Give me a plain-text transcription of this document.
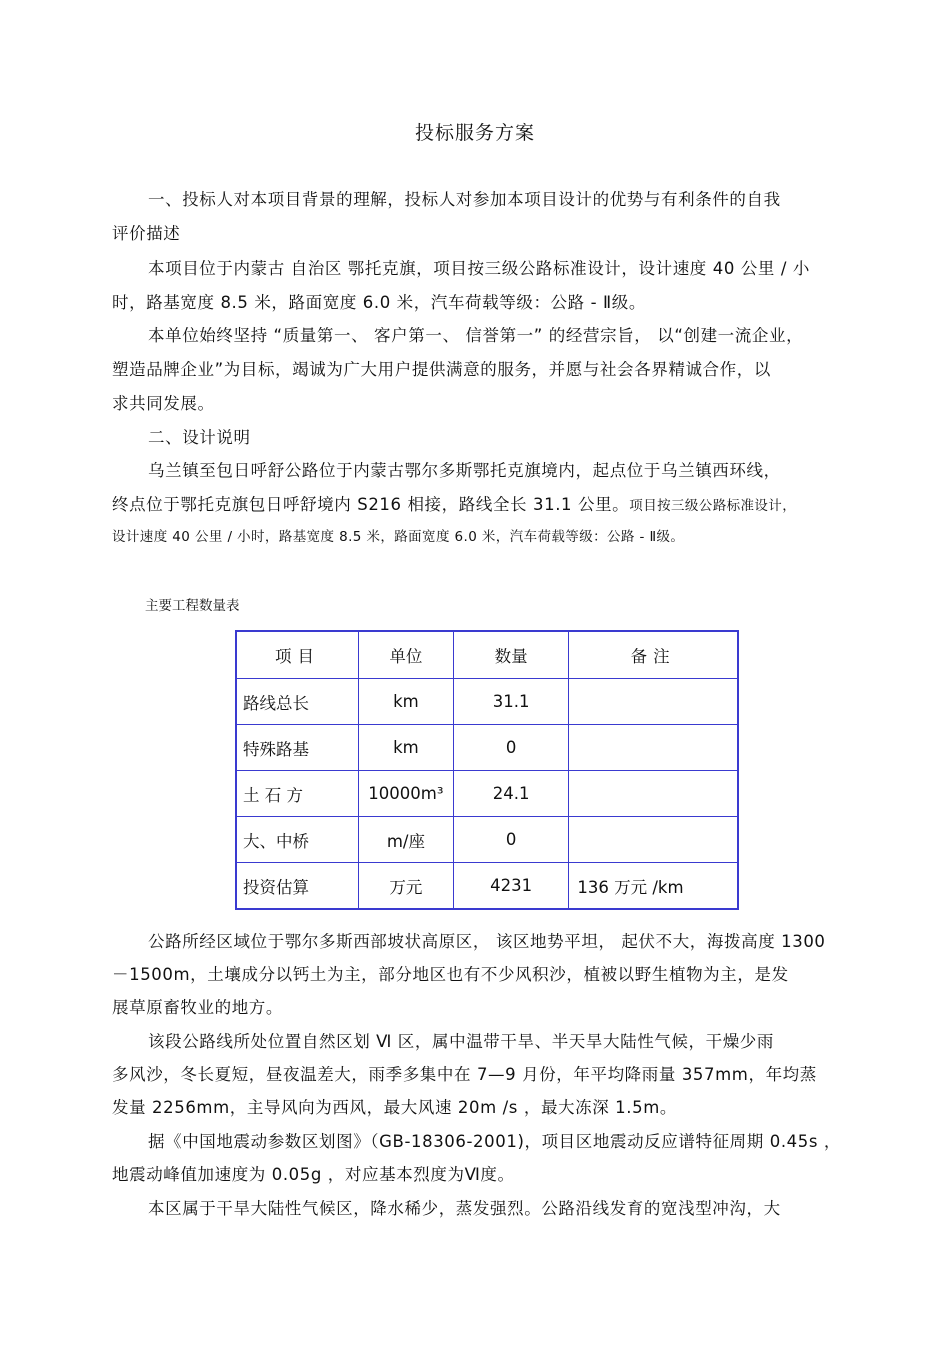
投标服务方案
一、投标人对本项目背景的理解，投标人对参加本项目设计的优势与有利条件的自我
评价描述
本项目位于内蒙古 自治区 鄂托克旗，项目按三级公路标准设计，设计速度 40 公里 / 小
时，路基宽度 8.5 米，路面宽度 6.0 米，汽车荷载等级：公路 - Ⅱ级。
本单位始终坚持 “质量第一、 客户第一、 信誉第一” 的经营宗旨， 以“创建一流企业，
塑造品牌企业”为目标，竭诚为广大用户提供满意的服务，并愿与社会各界精诚合作，以
求共同发展。
二、设计说明
乌兰镇至包日呼舒公路位于内蒙古鄂尔多斯鄂托克旗境内，起点位于乌兰镇西环线，
终点位于鄂托克旗包日呼舒境内 S216 相接，路线全长 31.1 公里。项目按三级公路标准设计，
设计速度 40 公里 / 小时，路基宽度 8.5 米，路面宽度 6.0 米，汽车荷载等级：公路 - Ⅱ级。
主要工程数量表
项目	单位	数量	备注
路线总长	km	31.1	
特殊路基	km	0	
土 石 方	10000m³	24.1	
大、中桥	m/座	0	
投资估算	万元	4231	136 万元 /km
公路所经区域位于鄂尔多斯西部坡状高原区， 该区地势平坦， 起伏不大，海拨高度 1300
－1500m，土壤成分以钙土为主，部分地区也有不少风积沙，植被以野生植物为主，是发
展草原畜牧业的地方。
该段公路线所处位置自然区划 Ⅵ 区，属中温带干旱、半天旱大陆性气候，干燥少雨
多风沙，冬长夏短，昼夜温差大，雨季多集中在 7—9 月份，年平均降雨量 357mm，年均蒸
发量 2256mm，主导风向为西风，最大风速 20m /s ，最大冻深 1.5m。
据《中国地震动参数区划图》（GB-18306-2001)，项目区地震动反应谱特征周期 0.45s ，
地震动峰值加速度为 0.05g ，对应基本烈度为Ⅵ度。
本区属于干旱大陆性气候区，降水稀少，蒸发强烈。公路沿线发育的宽浅型冲沟，大
